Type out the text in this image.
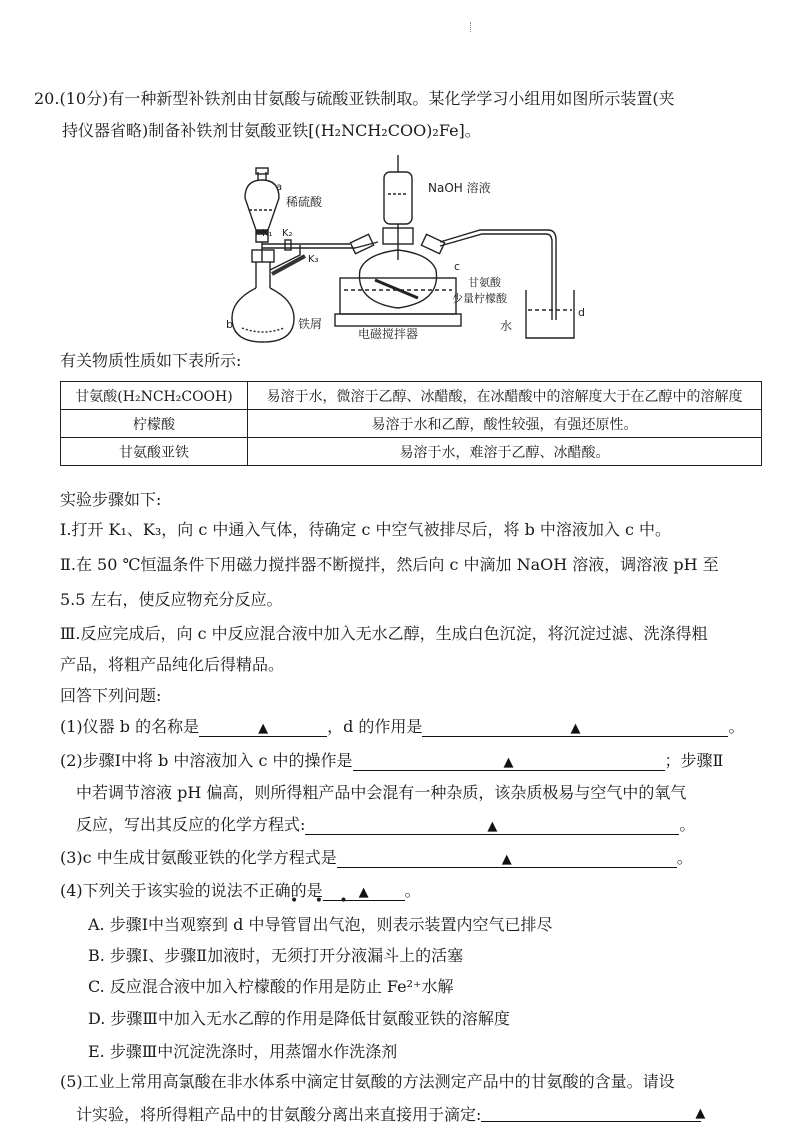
20.(10分)有一种新型补铁剂由甘氨酸与硫酸亚铁制取。某化学学习小组用如图所示装置(夹
持仪器省略)制备补铁剂甘氨酸亚铁[(H₂NCH₂COO)₂Fe]。
a
稀硫酸
K₁ K₂
K₃
b	铁屑
NaOH 溶液
c
甘氨酸
少量柠檬酸
电磁搅拌器
d
水
有关物质性质如下表所示:
甘氨酸(H₂NCH₂COOH)	易溶于水，微溶于乙醇、冰醋酸，在冰醋酸中的溶解度大于在乙醇中的溶解度
柠檬酸	易溶于水和乙醇，酸性较强，有强还原性。
甘氨酸亚铁	易溶于水，难溶于乙醇、冰醋酸。
实验步骤如下:
Ⅰ.打开 K₁、K₃，向 c 中通入气体，待确定 c 中空气被排尽后，将 b 中溶液加入 c 中。
Ⅱ.在 50 ℃恒温条件下用磁力搅拌器不断搅拌，然后向 c 中滴加 NaOH 溶液，调溶液 pH 至
5.5 左右，使反应物充分反应。
Ⅲ.反应完成后，向 c 中反应混合液中加入无水乙醇，生成白色沉淀，将沉淀过滤、洗涤得粗
产品，将粗产品纯化后得精品。
回答下列问题:
(1)仪器 b 的名称是	▲	，d 的作用是	▲	。
(2)步骤Ⅰ中将 b 中溶液加入 c 中的操作是	▲	；步骤Ⅱ
中若调节溶液 pH 偏高，则所得粗产品中会混有一种杂质，该杂质极易与空气中的氧气
反应，写出其反应的化学方程式:	▲	。
(3)c 中生成甘氨酸亚铁的化学方程式是	▲	。
(4)下列关于该实验的说法不正确的是	▲ 。
• • •
A. 步骤Ⅰ中当观察到 d 中导管冒出气泡，则表示装置内空气已排尽
B. 步骤Ⅰ、步骤Ⅱ加液时，无须打开分液漏斗上的活塞
C. 反应混合液中加入柠檬酸的作用是防止 Fe²⁺水解
D. 步骤Ⅲ中加入无水乙醇的作用是降低甘氨酸亚铁的溶解度
E. 步骤Ⅲ中沉淀洗涤时，用蒸馏水作洗涤剂
(5)工业上常用高氯酸在非水体系中滴定甘氨酸的方法测定产品中的甘氨酸的含量。请设
计实验，将所得粗产品中的甘氨酸分离出来直接用于滴定:	▲
